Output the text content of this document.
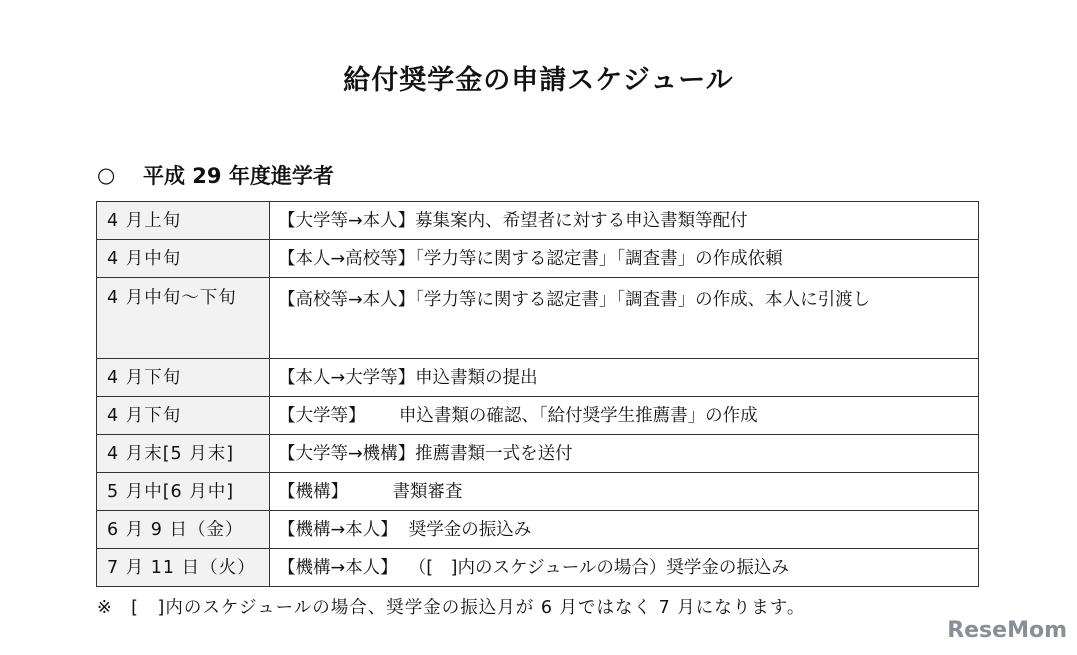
給付奨学金の申請スケジュール
○ 平成 29 年度進学者
4 月上旬	【大学等→本人】募集案内、希望者に対する申込書類等配付
4 月中旬	【本人→高校等】「学力等に関する認定書」「調査書」の作成依頼
4 月中旬〜下旬	【高校等→本人】「学力等に関する認定書」「調査書」の作成、本人に引渡し
4 月下旬	【本人→大学等】申込書類の提出
4 月下旬	【大学等】      申込書類の確認、「給付奨学生推薦書」の作成
4 月末[5 月末]	【大学等→機構】推薦書類一式を送付
5 月中[6 月中]	【機構】        書類審査
6 月 9 日（金）	【機構→本人】  奨学金の振込み
7 月 11 日（火）	【機構→本人】  （[　]内のスケジュールの場合）奨学金の振込み
※　[　]内のスケジュールの場合、奨学金の振込月が 6 月ではなく 7 月になります。
ReseMom
